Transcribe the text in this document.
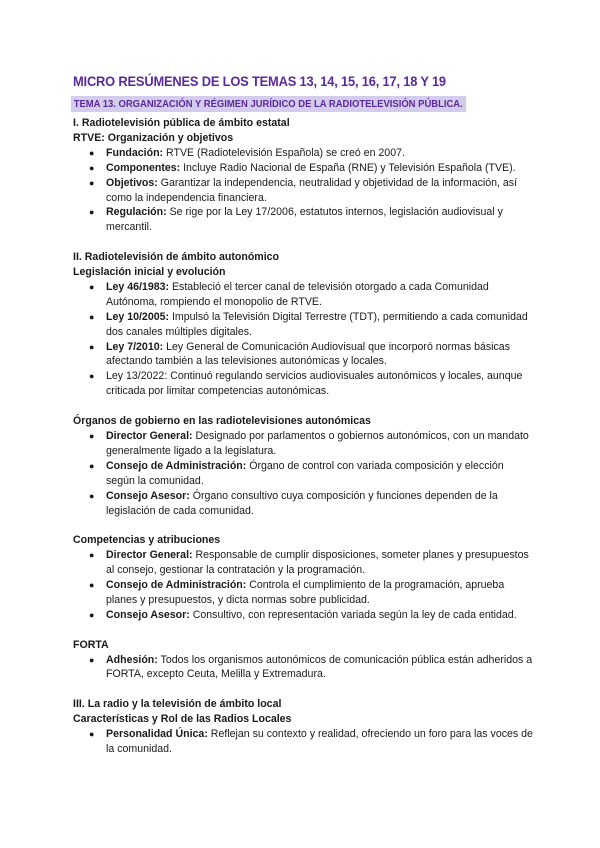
MICRO RESÚMENES DE LOS TEMAS 13, 14, 15, 16, 17, 18 Y 19
TEMA 13. ORGANIZACIÓN Y RÉGIMEN JURÍDICO DE LA RADIOTELEVISIÓN PÚBLICA.
I. Radiotelevisión pública de ámbito estatal
RTVE: Organización y objetivos
● Fundación: RTVE (Radiotelevisión Española) se creó en 2007.
● Componentes: Incluye Radio Nacional de España (RNE) y Televisión Española (TVE).
● Objetivos: Garantizar la independencia, neutralidad y objetividad de la información, así como la independencia financiera.
● Regulación: Se rige por la Ley 17/2006, estatutos internos, legislación audiovisual y mercantil.
II. Radiotelevisión de ámbito autonómico
Legislación inicial y evolución
● Ley 46/1983: Estableció el tercer canal de televisión otorgado a cada Comunidad Autónoma, rompiendo el monopolio de RTVE.
● Ley 10/2005: Impulsó la Televisión Digital Terrestre (TDT), permitiendo a cada comunidad dos canales múltiples digitales.
● Ley 7/2010: Ley General de Comunicación Audiovisual que incorporó normas básicas afectando también a las televisiones autonómicas y locales.
● Ley 13/2022: Continuó regulando servicios audiovisuales autonómicos y locales, aunque criticada por limitar competencias autonómicas.
Órganos de gobierno en las radiotelevisiones autonómicas
● Director General: Designado por parlamentos o gobiernos autonómicos, con un mandato generalmente ligado a la legislatura.
● Consejo de Administración: Órgano de control con variada composición y elección según la comunidad.
● Consejo Asesor: Órgano consultivo cuya composición y funciones dependen de la legislación de cada comunidad.
Competencias y atribuciones
● Director General: Responsable de cumplir disposiciones, someter planes y presupuestos al consejo, gestionar la contratación y la programación.
● Consejo de Administración: Controla el cumplimiento de la programación, aprueba planes y presupuestos, y dicta normas sobre publicidad.
● Consejo Asesor: Consultivo, con representación variada según la ley de cada entidad.
FORTA
● Adhesión: Todos los organismos autonómicos de comunicación pública están adheridos a FORTA, excepto Ceuta, Melilla y Extremadura.
III. La radio y la televisión de ámbito local
Características y Rol de las Radios Locales
● Personalidad Única: Reflejan su contexto y realidad, ofreciendo un foro para las voces de la comunidad.
